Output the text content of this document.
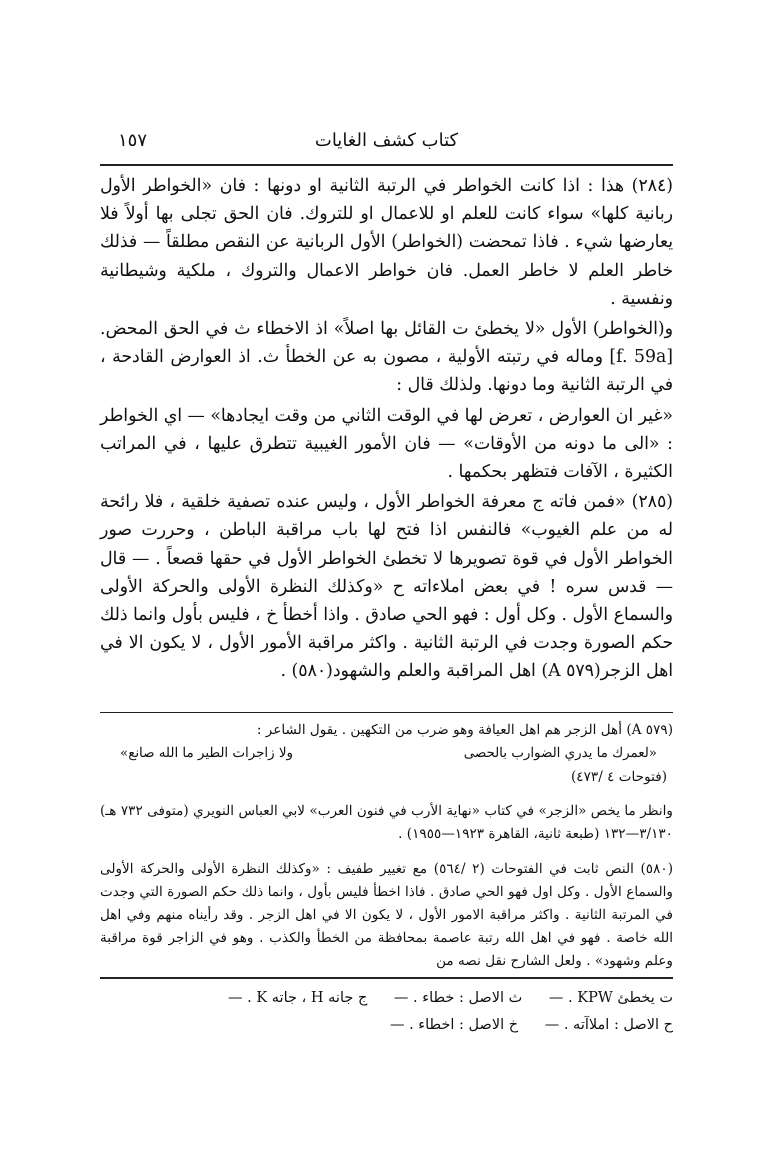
كتاب كشف الغايات
١٥٧

(٢٨٤) هذا : اذا كانت الخواطر في الرتبة الثانية او دونها : فان «الخواطر الأول ربانية كلها» سواء كانت للعلم او للاعمال او للتروك. فان الحق تجلى بها أولاً فلا يعارضها شيء . فاذا تمحضت (الخواطر) الأول الربانية عن النقص مطلقاً — فذلك خاطر العلم لا خاطر العمل. فان خواطر الاعمال والتروك ، ملكية وشيطانية ونفسية .

و(الخواطر) الأول «لا يخطئ ت القائل بها اصلاً» اذ الاخطاء ث في الحق المحض. [f. 59a] وماله في رتبته الأولية ، مصون به عن الخطأ ث. اذ العوارض القادحة ، في الرتبة الثانية وما دونها. ولذلك قال :

«غير ان العوارض ، تعرض لها في الوقت الثاني من وقت ايجادها» — اي الخواطر : «الى ما دونه من الأوقات» — فان الأمور الغيبية تتطرق عليها ، في المراتب الكثيرة ، الآفات فتظهر بحكمها .

(٢٨٥) «فمن فاته ج معرفة الخواطر الأول ، وليس عنده تصفية خلقية ، فلا رائحة له من علم الغيوب» فالنفس اذا فتح لها باب مراقبة الباطن ، وحررت صور الخواطر الأول في قوة تصويرها لا تخطئ الخواطر الأول في حقها قصعاً . — قال — قدس سره ! في بعض املاءاته ح «وكذلك النظرة الأولى والحركة الأولى والسماع الأول . وكل أول : فهو الحي صادق . واذا أخطأ خ ، فليس بأول وانما ذلك حكم الصورة وجدت في الرتبة الثانية . واكثر مراقبة الأمور الأول ، لا يكون الا في اهل الزجر(٥٧٩ A) اهل المراقبة والعلم والشهود(٥٨٠) .

(٥٧٩ A) أهل الزجر هم اهل العيافة وهو ضرب من التكهين . يقول الشاعر :

«لعمرك ما يدري الضوارب بالحصى
ولا زاجرات الطير ما الله صانع»
(فتوحات ٤ /٤٧٣)

وانظر ما يخص «الزجر» في كتاب «نهاية الأرب في فنون العرب» لابي العباس النويري (متوفى ٧٣٢ هـ) ٣/١٣٠—١٣٢ (طبعة ثانية، القاهرة ١٩٢٣—١٩٥٥) .

(٥٨٠) النص ثابت في الفتوحات (٢ /٥٦٤) مع تغيير طفيف : «وكذلك النظرة الأولى والحركة الأولى والسماع الأول . وكل اول فهو الحي صادق . فاذا اخطأ فليس بأول ، وانما ذلك حكم الصورة التي وجدت في المرتبة الثانية . واكثر مراقبة الامور الأول ، لا يكون الا في اهل الزجر . وقد رأيناه منهم وفي اهل الله خاصة . فهو في اهل الله رتبة عاصمة بمحافظة من الخطأ والكذب . وهو في الزاجر قوة مراقبة وعلم وشهود» . ولعل الشارح نقل نصه من

ت يخطئ KPW . — ث الاصل : خطاء . — ج جانه H ، جاته K . —
ح الاصل : املاآته . — خ الاصل : اخطاء . —
